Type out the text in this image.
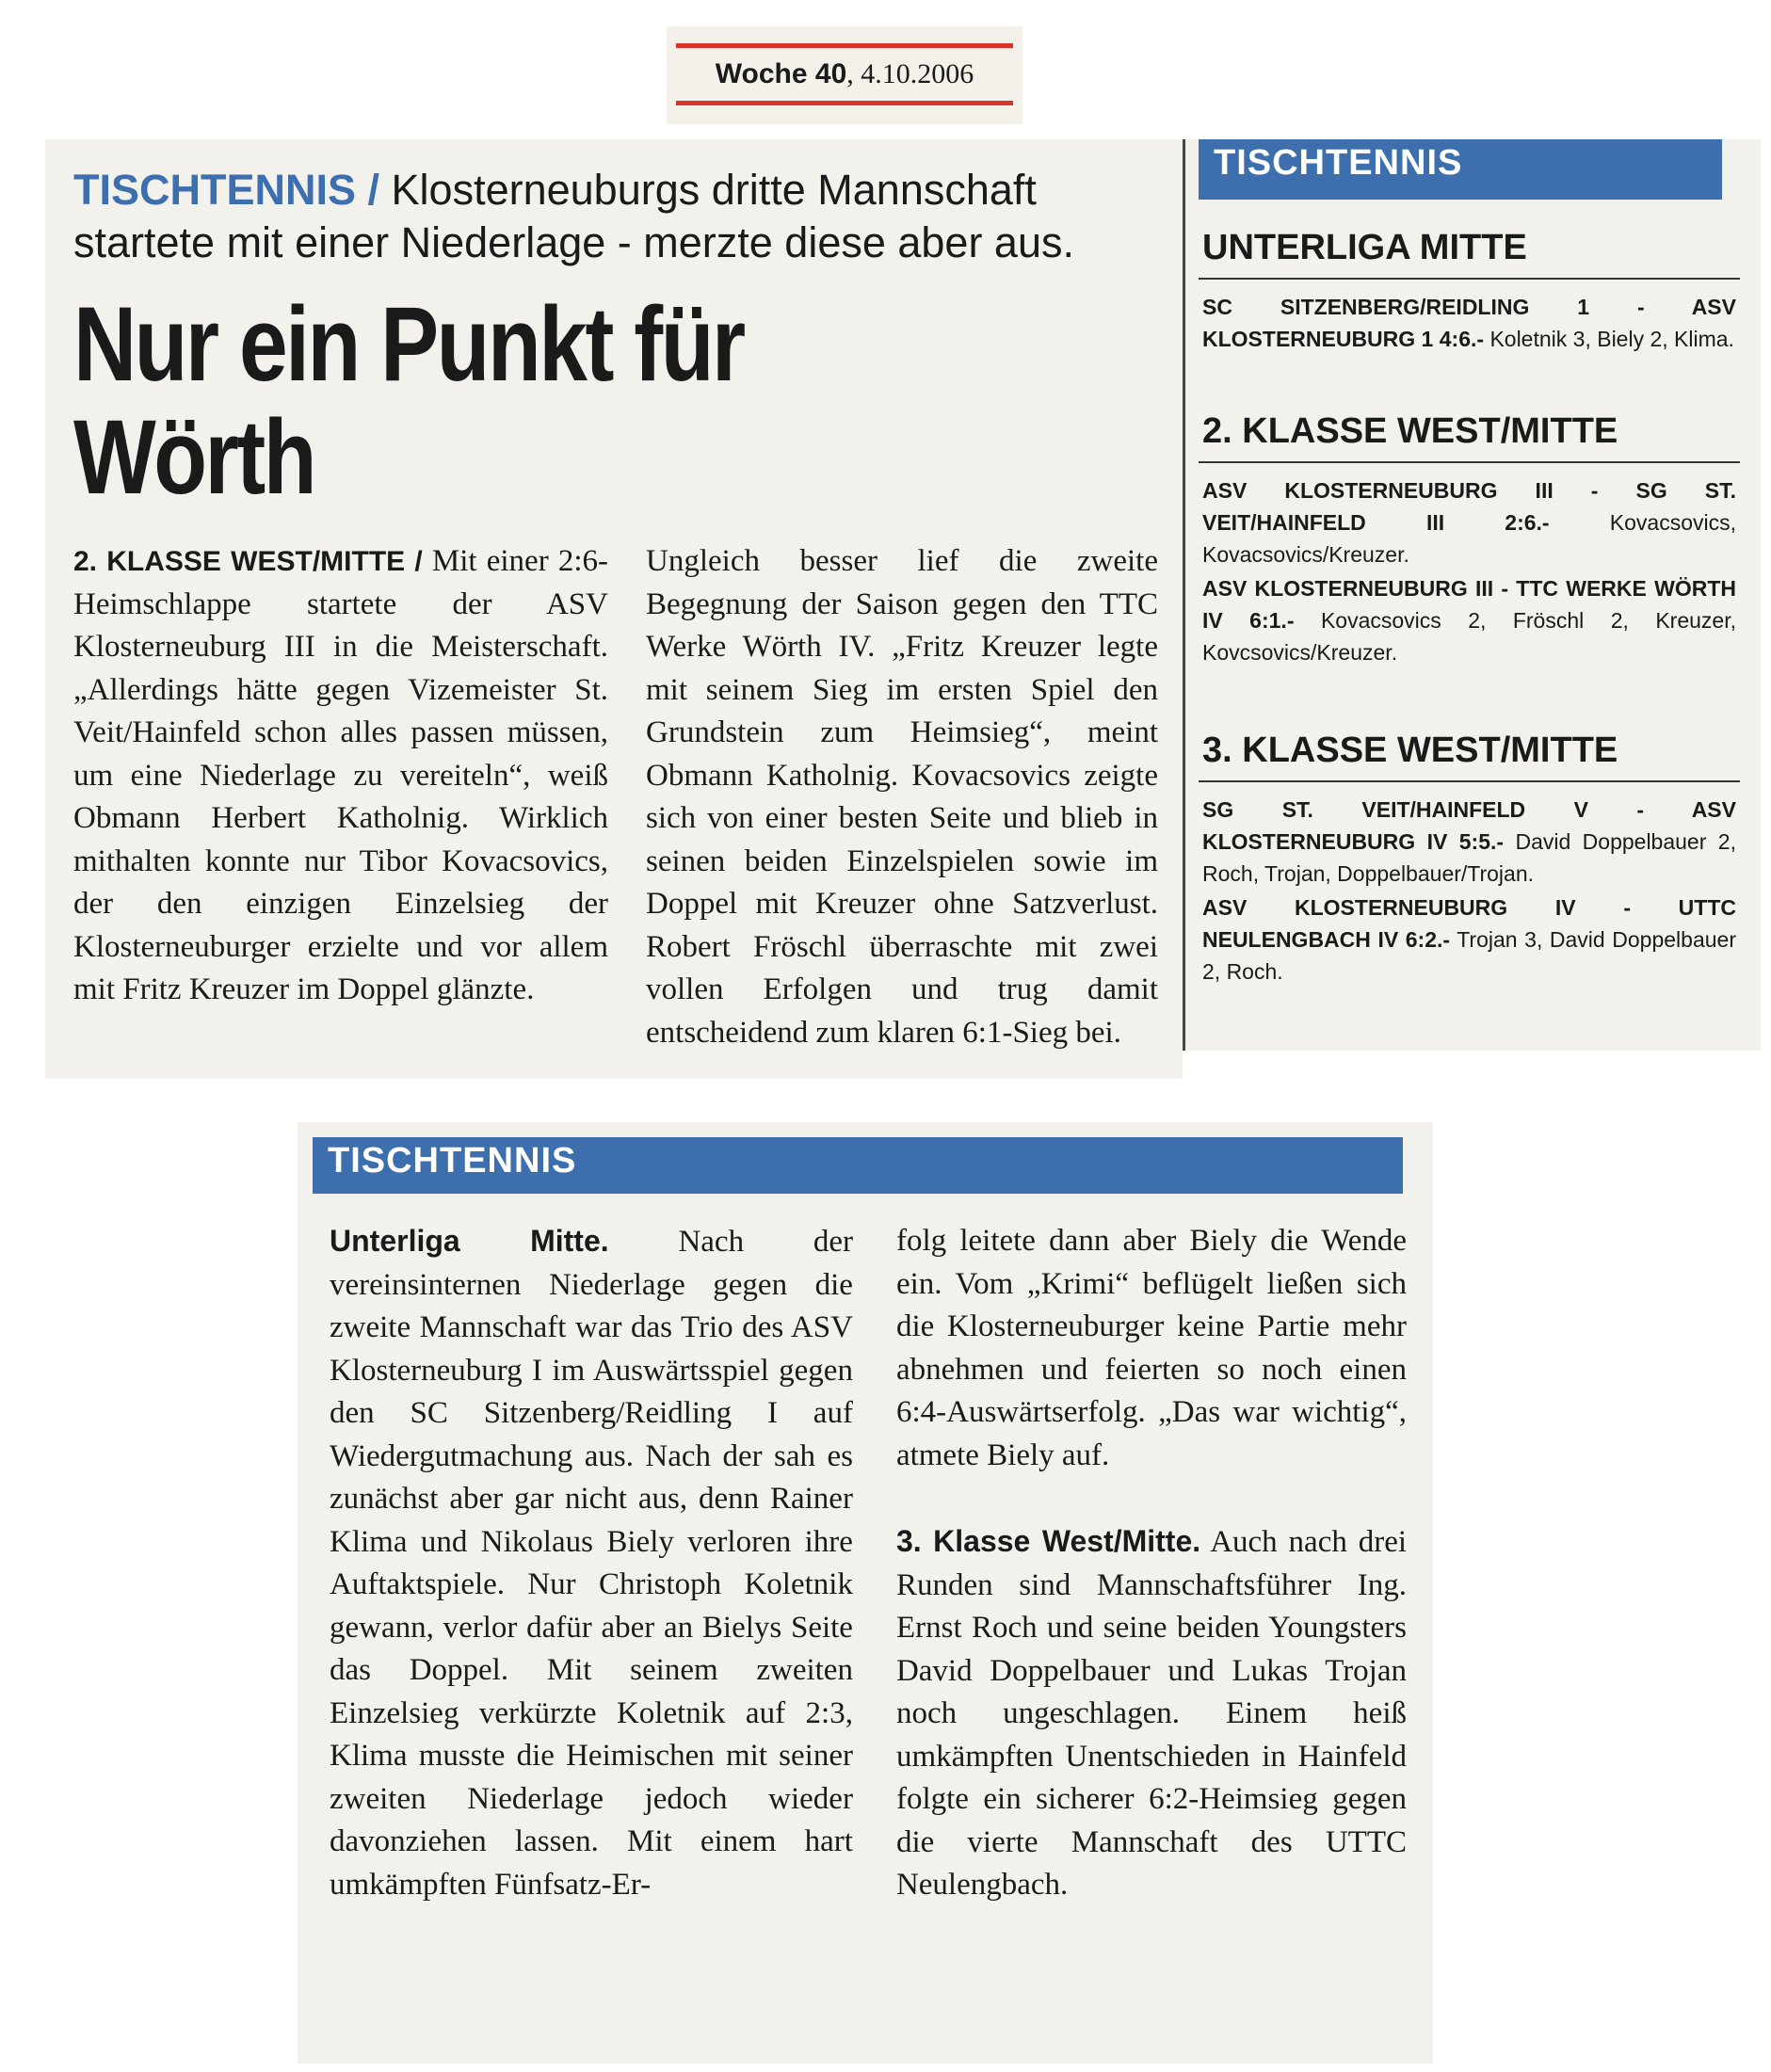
Woche 40, 4.10.2006
TISCHTENNIS / Klosterneuburgs dritte Mannschaft startete mit einer Niederlage - merzte diese aber aus.
Nur ein Punkt für Wörth

2. KLASSE WEST/MITTE / Mit einer 2:6-Heimschlappe startete der ASV Klosterneuburg III in die Meisterschaft. „Allerdings hätte gegen Vizemeister St. Veit/Hainfeld schon alles passen müssen, um eine Niederlage zu vereiteln“, weiß Obmann Herbert Katholnig. Wirklich mithalten konnte nur Tibor Kovacsovics, der den einzigen Einzelsieg der Klosterneuburger erzielte und vor allem mit Fritz Kreuzer im Doppel glänzte.

Ungleich besser lief die zweite Begegnung der Saison gegen den TTC Werke Wörth IV. „Fritz Kreuzer legte mit seinem Sieg im ersten Spiel den Grundstein zum Heimsieg“, meint Obmann Katholnig. Kovacsovics zeigte sich von einer besten Seite und blieb in seinen beiden Einzelspielen sowie im Doppel mit Kreuzer ohne Satzverlust. Robert Fröschl überraschte mit zwei vollen Erfolgen und trug damit entscheidend zum klaren 6:1-Sieg bei.

TISCHTENNIS
UNTERLIGA MITTE

SC SITZENBERG/REIDLING 1 - ASV KLOSTERNEUBURG 1 4:6.- Koletnik 3, Biely 2, Klima.

2. KLASSE WEST/MITTE

ASV KLOSTERNEUBURG III - SG ST. VEIT/HAINFELD III 2:6.-	Kovacsovics, Kovacsovics/Kreuzer.

ASV KLOSTERNEUBURG III - TTC WERKE WÖRTH IV 6:1.- Kovacsovics 2, Fröschl 2, Kreuzer, Kovcsovics/Kreuzer.

3. KLASSE WEST/MITTE

SG ST. VEIT/HAINFELD V - ASV KLOSTERNEUBURG IV 5:5.- David Doppelbauer 2, Roch, Trojan, Doppelbauer/Trojan.

ASV KLOSTERNEUBURG IV - UTTC NEULENGBACH IV 6:2.- Trojan 3, David Doppelbauer 2, Roch.

TISCHTENNIS

Unterliga Mitte. Nach der vereinsinternen Niederlage gegen die zweite Mannschaft war das Trio des ASV Klosterneuburg I im Auswärtsspiel gegen den SC Sitzenberg/Reidling I auf Wiedergutmachung aus. Nach der sah es zunächst aber gar nicht aus, denn Rainer Klima und Nikolaus Biely verloren ihre Auftaktspiele. Nur Christoph Koletnik gewann, verlor dafür aber an Bielys Seite das Doppel. Mit seinem zweiten Einzelsieg verkürzte Koletnik auf 2:3, Klima musste die Heimischen mit seiner zweiten Niederlage jedoch wieder davonziehen lassen. Mit einem hart umkämpften Fünfsatz-Er-

folg leitete dann aber Biely die Wende ein. Vom „Krimi“ beflügelt ließen sich die Klosterneuburger keine Partie mehr abnehmen und feierten so noch einen 6:4-Auswärtserfolg. „Das war wichtig“, atmete Biely auf.

3. Klasse West/Mitte. Auch nach drei Runden sind Mannschaftsführer Ing. Ernst Roch und seine beiden Youngsters David Doppelbauer und Lukas Trojan noch ungeschlagen. Einem heiß umkämpften Unentschieden in Hainfeld folgte ein sicherer 6:2-Heimsieg gegen die vierte Mannschaft des UTTC Neulengbach.
